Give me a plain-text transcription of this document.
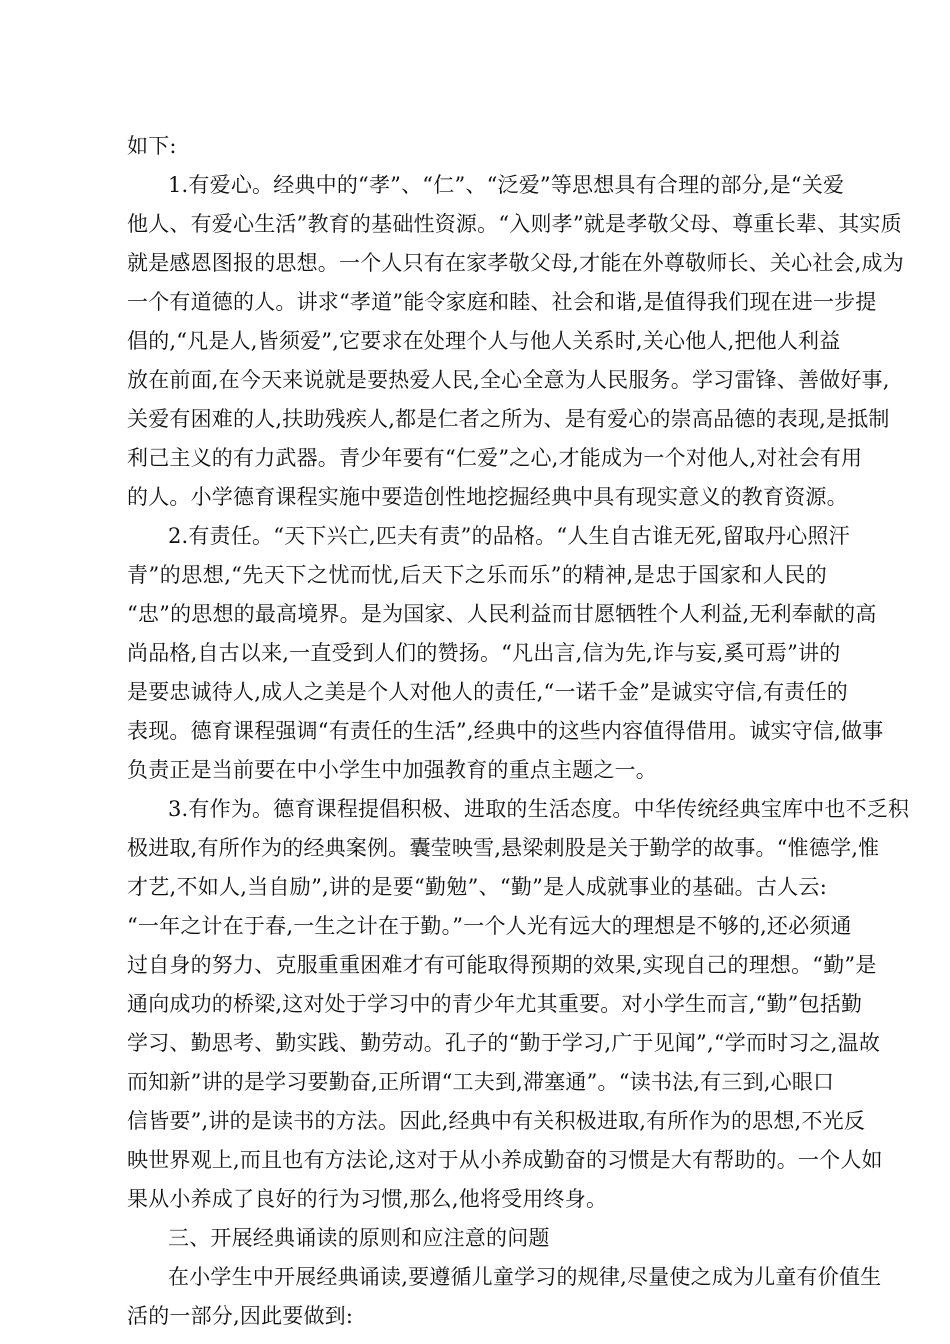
如下:

1.有爱心。经典中的“孝”、“仁”、“泛爱”等思想具有合理的部分,是“关爱

他人、有爱心生活”教育的基础性资源。“入则孝”就是孝敬父母、尊重长辈、其实质

就是感恩图报的思想。一个人只有在家孝敬父母,才能在外尊敬师长、关心社会,成为

一个有道德的人。讲求“孝道”能令家庭和睦、社会和谐,是值得我们现在进一步提

倡的,“凡是人,皆须爱”,它要求在处理个人与他人关系时,关心他人,把他人利益

放在前面,在今天来说就是要热爱人民,全心全意为人民服务。学习雷锋、善做好事,

关爱有困难的人,扶助残疾人,都是仁者之所为、是有爱心的崇高品德的表现,是抵制

利己主义的有力武器。青少年要有“仁爱”之心,才能成为一个对他人,对社会有用

的人。小学德育课程实施中要造创性地挖掘经典中具有现实意义的教育资源。

2.有责任。“天下兴亡,匹夫有责”的品格。“人生自古谁无死,留取丹心照汗

青”的思想,“先天下之忧而忧,后天下之乐而乐”的精神,是忠于国家和人民的

“忠”的思想的最高境界。是为国家、人民利益而甘愿牺牲个人利益,无利奉献的高

尚品格,自古以来,一直受到人们的赞扬。“凡出言,信为先,诈与妄,奚可焉”讲的

是要忠诚待人,成人之美是个人对他人的责任,“一诺千金”是诚实守信,有责任的

表现。德育课程强调“有责任的生活”,经典中的这些内容值得借用。诚实守信,做事

负责正是当前要在中小学生中加强教育的重点主题之一。

3.有作为。德育课程提倡积极、进取的生活态度。中华传统经典宝库中也不乏积

极进取,有所作为的经典案例。囊莹映雪,悬梁刺股是关于勤学的故事。“惟德学,惟

才艺,不如人,当自励”,讲的是要“勤勉”、“勤”是人成就事业的基础。古人云:

“一年之计在于春,一生之计在于勤。”一个人光有远大的理想是不够的,还必须通

过自身的努力、克服重重困难才有可能取得预期的效果,实现自己的理想。“勤”是

通向成功的桥梁,这对处于学习中的青少年尤其重要。对小学生而言,“勤”包括勤

学习、勤思考、勤实践、勤劳动。孔子的“勤于学习,广于见闻”,“学而时习之,温故

而知新”讲的是学习要勤奋,正所谓“工夫到,滞塞通”。“读书法,有三到,心眼口

信皆要”,讲的是读书的方法。因此,经典中有关积极进取,有所作为的思想,不光反

映世界观上,而且也有方法论,这对于从小养成勤奋的习惯是大有帮助的。一个人如

果从小养成了良好的行为习惯,那么,他将受用终身。

三、开展经典诵读的原则和应注意的问题

在小学生中开展经典诵读,要遵循儿童学习的规律,尽量使之成为儿童有价值生

活的一部分,因此要做到:
